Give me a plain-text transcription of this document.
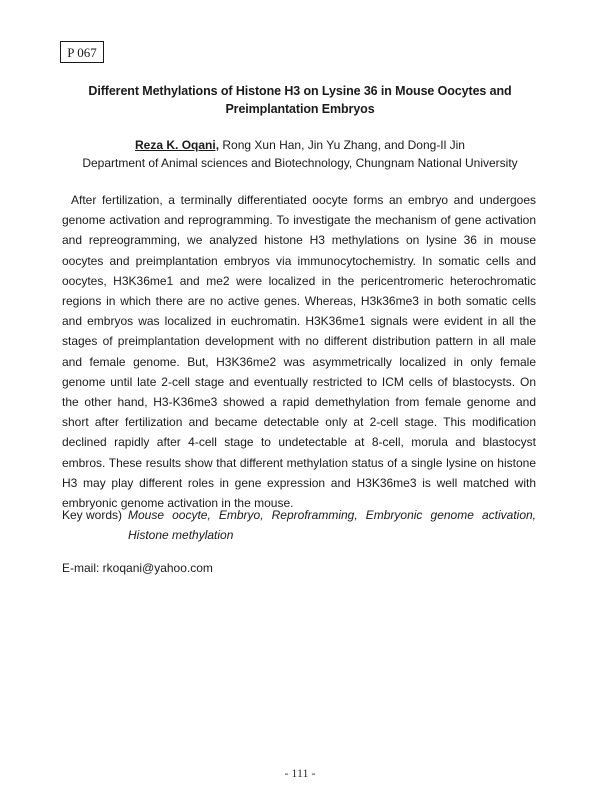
P 067
Different Methylations of Histone H3 on Lysine 36 in Mouse Oocytes and Preimplantation Embryos
Reza K. Oqani, Rong Xun Han, Jin Yu Zhang, and Dong-Il Jin
Department of Animal sciences and Biotechnology, Chungnam National University

After fertilization, a terminally differentiated oocyte forms an embryo and undergoes genome activation and reprogramming. To investigate the mechanism of gene activation and repreogramming, we analyzed histone H3 methylations on lysine 36 in mouse oocytes and preimplantation embryos via immunocytochemistry. In somatic cells and oocytes, H3K36me1 and me2 were localized in the pericentromeric heterochromatic regions in which there are no active genes. Whereas, H3k36me3 in both somatic cells and embryos was localized in euchromatin. H3K36me1 signals were evident in all the stages of preimplantation development with no different distribution pattern in all male and female genome. But, H3K36me2 was asymmetrically localized in only female genome until late 2-cell stage and eventually restricted to ICM cells of blastocysts. On the other hand, H3-K36me3 showed a rapid demethylation from female genome and short after fertilization and became detectable only at 2-cell stage. This modification declined rapidly after 4-cell stage to undetectable at 8-cell, morula and blastocyst embros. These results show that different methylation status of a single lysine on histone H3 may play different roles in gene expression and H3K36me3 is well matched with embryonic genome activation in the mouse.

Key words) Mouse oocyte, Embryo, Reproframming, Embryonic genome activation, Histone methylation
E-mail: rkoqani@yahoo.com
- 111 -
